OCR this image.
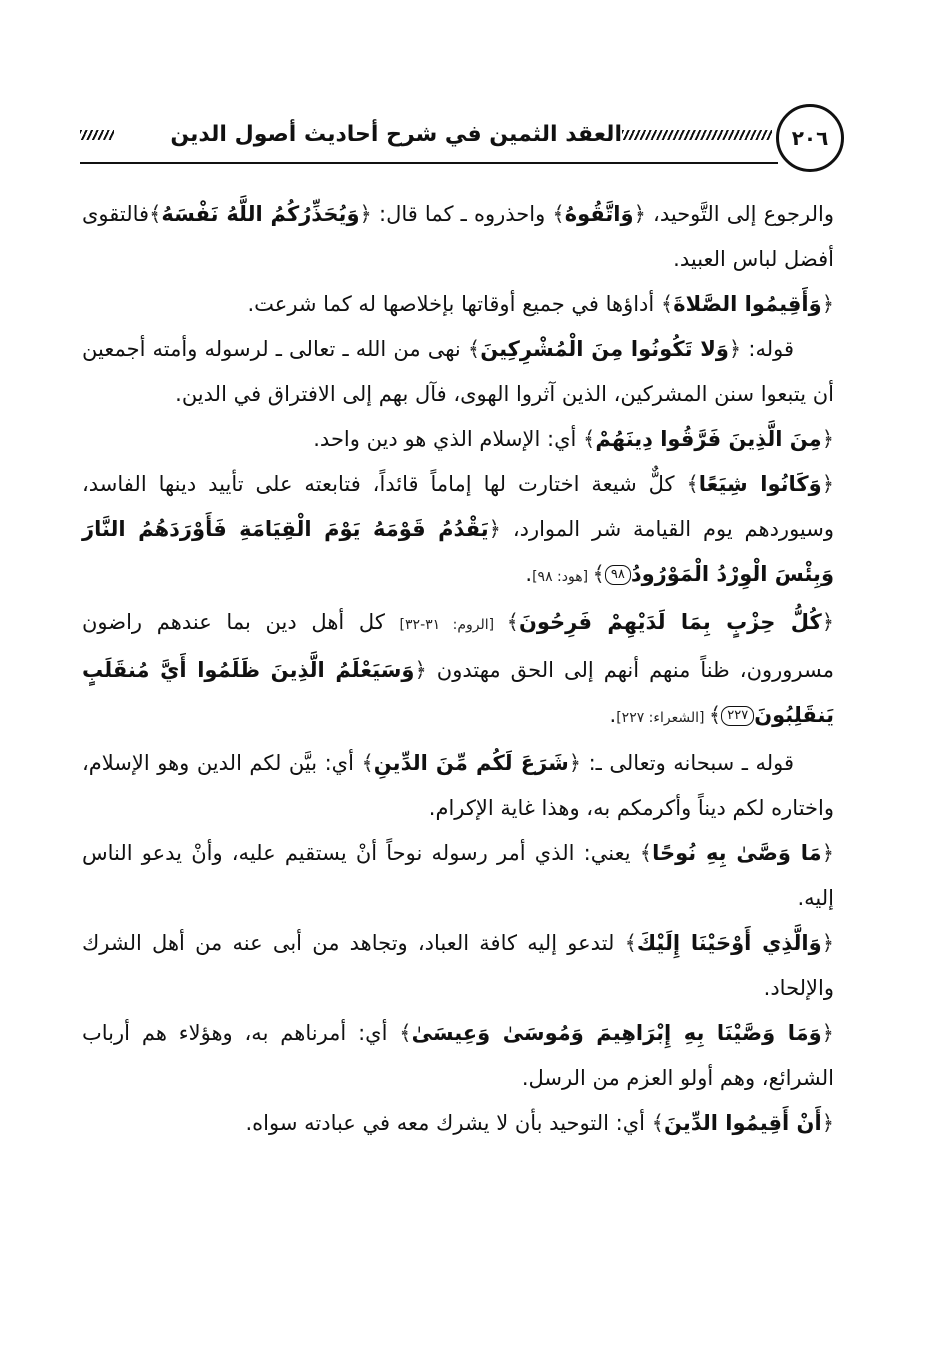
العقد الثمين في شرح أحاديث أصول الدين	٢٠٦

والرجوع إلى التَّوحيد، ﴿وَاتَّقُوهُ﴾ واحذروه ـ كما قال: ﴿وَيُحَذِّرُكُمُ اللَّهُ نَفْسَهُ﴾فالتقوى أفضل لباس العبيد.

﴿وَأَقِيمُوا الصَّلاةَ﴾ أداؤها في جميع أوقاتها بإخلاصها له كما شرعت.

قوله: ﴿وَلا تَكُونُوا مِنَ الْمُشْرِكِينَ﴾ نهى من الله ـ تعالى ـ لرسوله وأمته أجمعين أن يتبعوا سنن المشركين، الذين آثروا الهوى، فآل بهم إلى الافتراق في الدين.

﴿مِنَ الَّذِينَ فَرَّقُوا دِينَهُمْ﴾ أي: الإسلام الذي هو دين واحد.

﴿وَكَانُوا شِيَعًا﴾ كلٌّ شيعة اختارت لها إماماً قائداً، فتابعته على تأييد دينها الفاسد، وسيوردهم يوم القيامة شر الموارد، ﴿يَقْدُمُ قَوْمَهُ يَوْمَ الْقِيَامَةِ فَأَوْرَدَهُمُ النَّارَ وَبِئْسَ الْوِرْدُ الْمَوْرُودُ٩٨﴾ [هود: ٩٨].

﴿كُلُّ حِزْبٍ بِمَا لَدَيْهِمْ فَرِحُونَ﴾ [الروم: ٣١-٣٢] كل أهل دين بما عندهم راضون مسرورون، ظناً منهم أنهم إلى الحق مهتدون ﴿وَسَيَعْلَمُ الَّذِينَ ظَلَمُوا أَيَّ مُنقَلَبٍ يَنقَلِبُونَ٢٢٧﴾ [الشعراء: ٢٢٧].

قوله ـ سبحانه وتعالى ـ: ﴿شَرَعَ لَكُم مِّنَ الدِّينِ﴾ أي: بيَّن لكم الدين وهو الإسلام، واختاره لكم ديناً وأكرمكم به، وهذا غاية الإكرام.

﴿مَا وَصَّىٰ بِهِ نُوحًا﴾ يعني: الذي أمر رسوله نوحاً أنْ يستقيم عليه، وأنْ يدعو الناس إليه.

﴿وَالَّذِي أَوْحَيْنَا إِلَيْكَ﴾ لتدعو إليه كافة العباد، وتجاهد من أبى عنه من أهل الشرك والإلحاد.

﴿وَمَا وَصَّيْنَا بِهِ إِبْرَاهِيمَ وَمُوسَىٰ وَعِيسَىٰ﴾ أي: أمرناهم به، وهؤلاء هم أرباب الشرائع، وهم أولو العزم من الرسل.

﴿أَنْ أَقِيمُوا الدِّينَ﴾ أي: التوحيد بأن لا يشرك معه في عبادته سواه.
